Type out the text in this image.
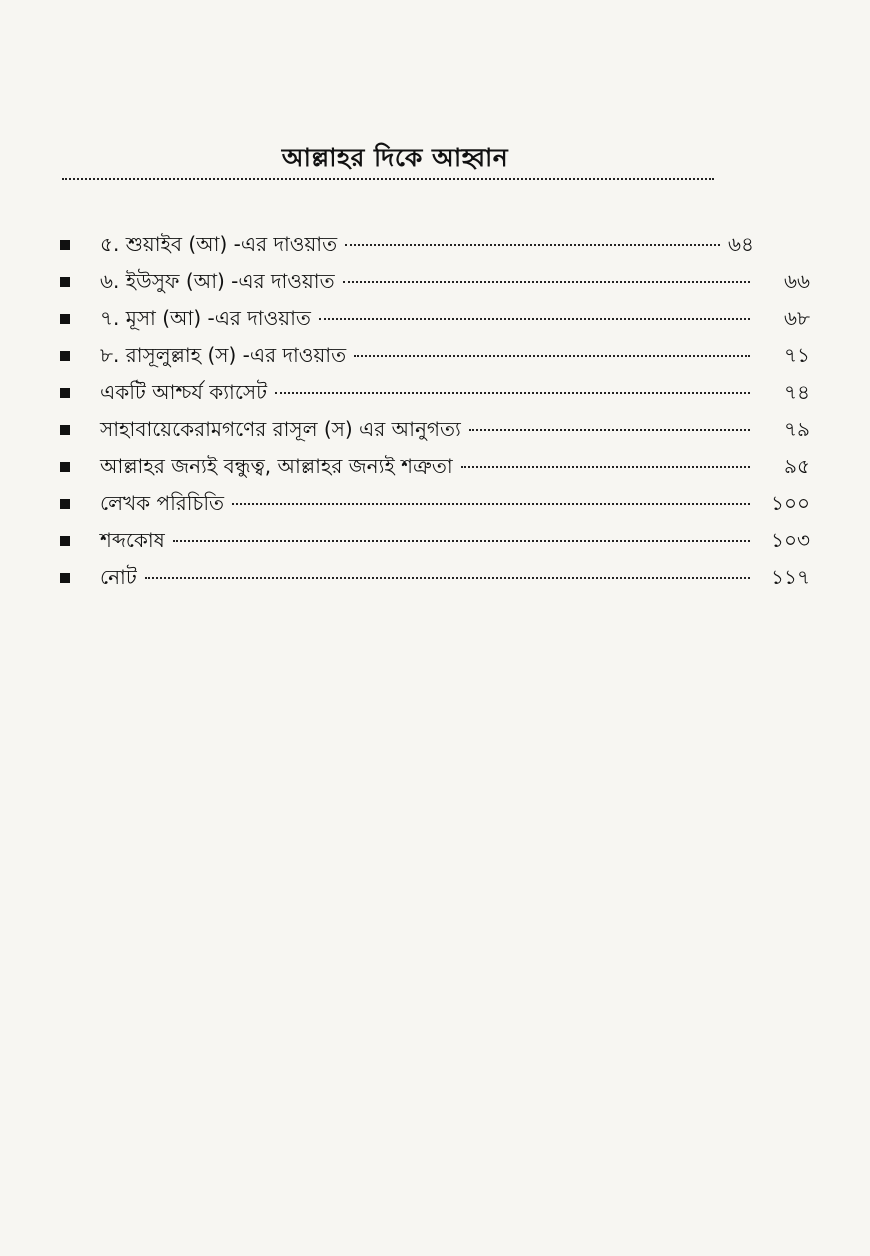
আল্লাহর দিকে আহ্বান
৫. শুয়াইব (আ) -এর দাওয়াত	৬৪
৬. ইউসুফ (আ) -এর দাওয়াত	৬৬
৭. মূসা (আ) -এর দাওয়াত	৬৮
৮. রাসূলুল্লাহ (স) -এর দাওয়াত	৭১
একটি আশ্চর্য ক্যাসেট	৭৪
সাহাবায়েকেরামগণের রাসূল (স) এর আনুগত্য	৭৯
আল্লাহর জন্যই বন্ধুত্ব, আল্লাহর জন্যই শত্রুতা	৯৫
লেখক পরিচিতি	১০০
শব্দকোষ	১০৩
নোট	১১৭
